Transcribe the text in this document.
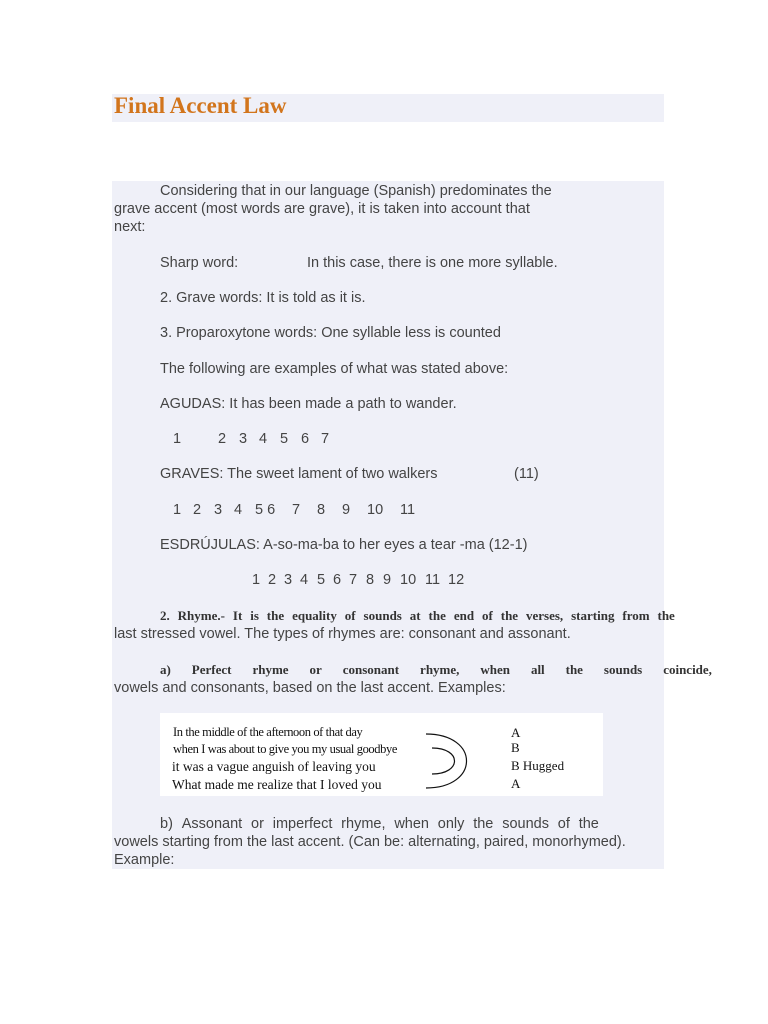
Final Accent Law
Considering that in our language (Spanish) predominates the
grave accent (most words are grave), it is taken into account that
next:
Sharp word:	In this case, there is one more syllable.
2. Grave words: It is told as it is.
3. Proparoxytone words: One syllable less is counted
The following are examples of what was stated above:
AGUDAS: It has been made a path to wander.
1	2 3 4 5 6 7
GRAVES: The sweet lament of two walkers	(11)
1 2 3 4 5 6 7 8 9 10 11
ESDRÚJULAS: A-so-ma-ba to her eyes a tear -ma (12-1)
1 2 3 4 5 6 7 8 9 10 11 12
2. Rhyme.- It is the equality of sounds at the end of the verses, starting from the
last stressed vowel. The types of rhymes are: consonant and assonant.
a) Perfect rhyme or consonant rhyme, when all the sounds coincide,
vowels and consonants, based on the last accent. Examples:
In the middle of the afternoon of that day
when I was about to give you my usual goodbye
it was a vague anguish of leaving you
What made me realize that I loved you
A
B
B Hugged
A
b) Assonant or imperfect rhyme, when only the sounds of the
vowels starting from the last accent. (Can be: alternating, paired, monorhymed).
Example:
